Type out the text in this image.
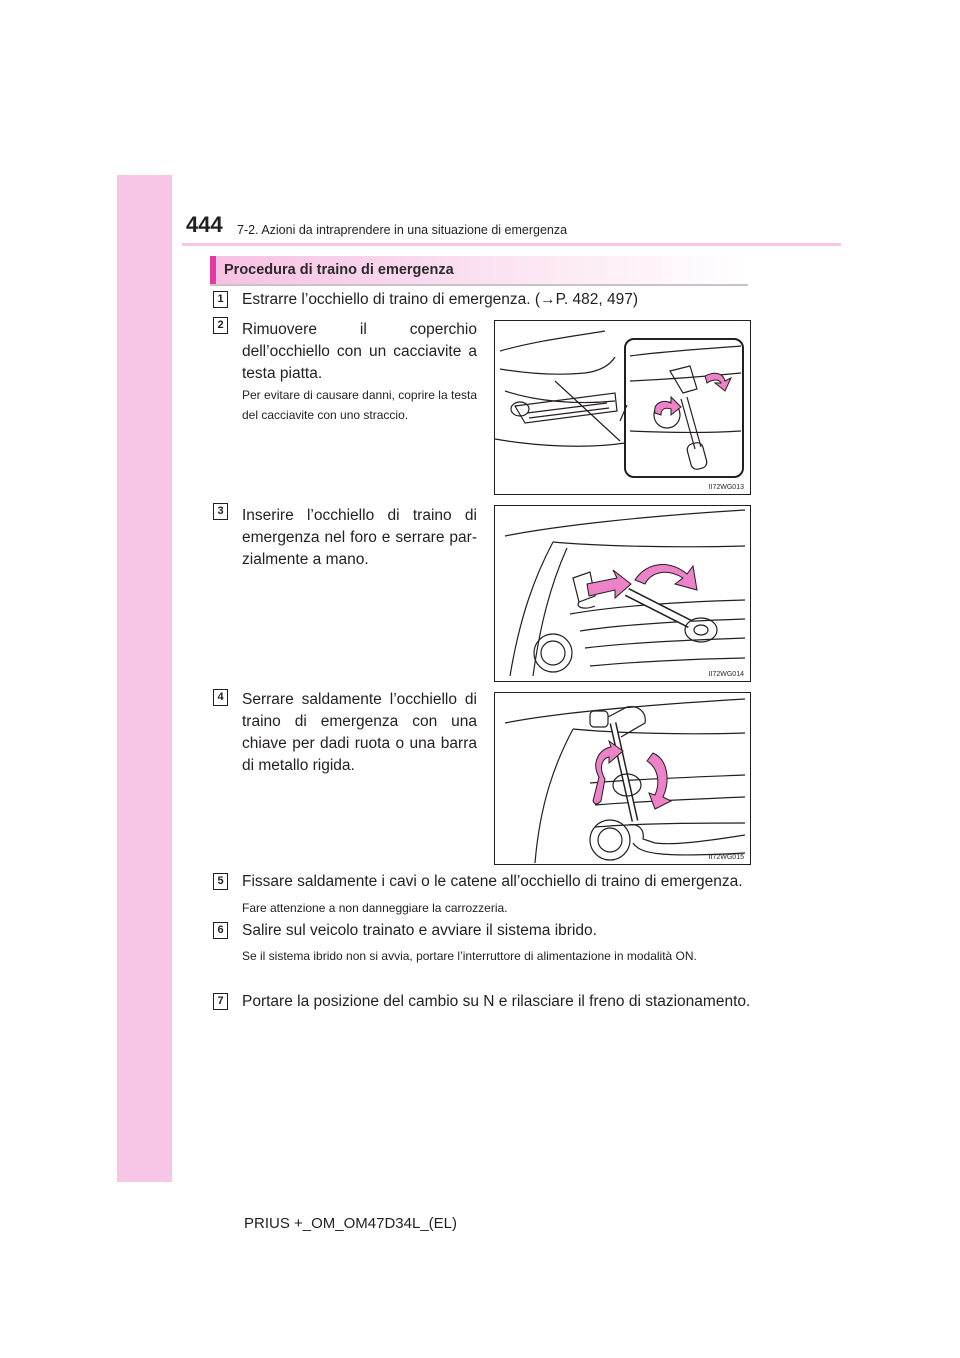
444 7-2. Azioni da intraprendere in una situazione di emergenza
Procedura di traino di emergenza
1 Estrarre l’occhiello di traino di emergenza. (→P. 482, 497)
2 Rimuovere il coperchio dell’occhiello con un cacciavite a testa piatta.
Per evitare di causare danni, coprire la testa del cacciavite con uno straccio.
II72WG013
3 Inserire l’occhiello di traino di emergenza nel foro e serrare par-zialmente a mano.
II72WG014
4 Serrare saldamente l’occhiello di traino di emergenza con una chiave per dadi ruota o una barra di metallo rigida.
II72WG015
5 Fissare saldamente i cavi o le catene all’occhiello di traino di emergenza.
Fare attenzione a non danneggiare la carrozzeria.
6 Salire sul veicolo trainato e avviare il sistema ibrido.
Se il sistema ibrido non si avvia, portare l’interruttore di alimentazione in modalità ON.
7 Portare la posizione del cambio su N e rilasciare il freno di stazionamento.
PRIUS +_OM_OM47D34L_(EL)
